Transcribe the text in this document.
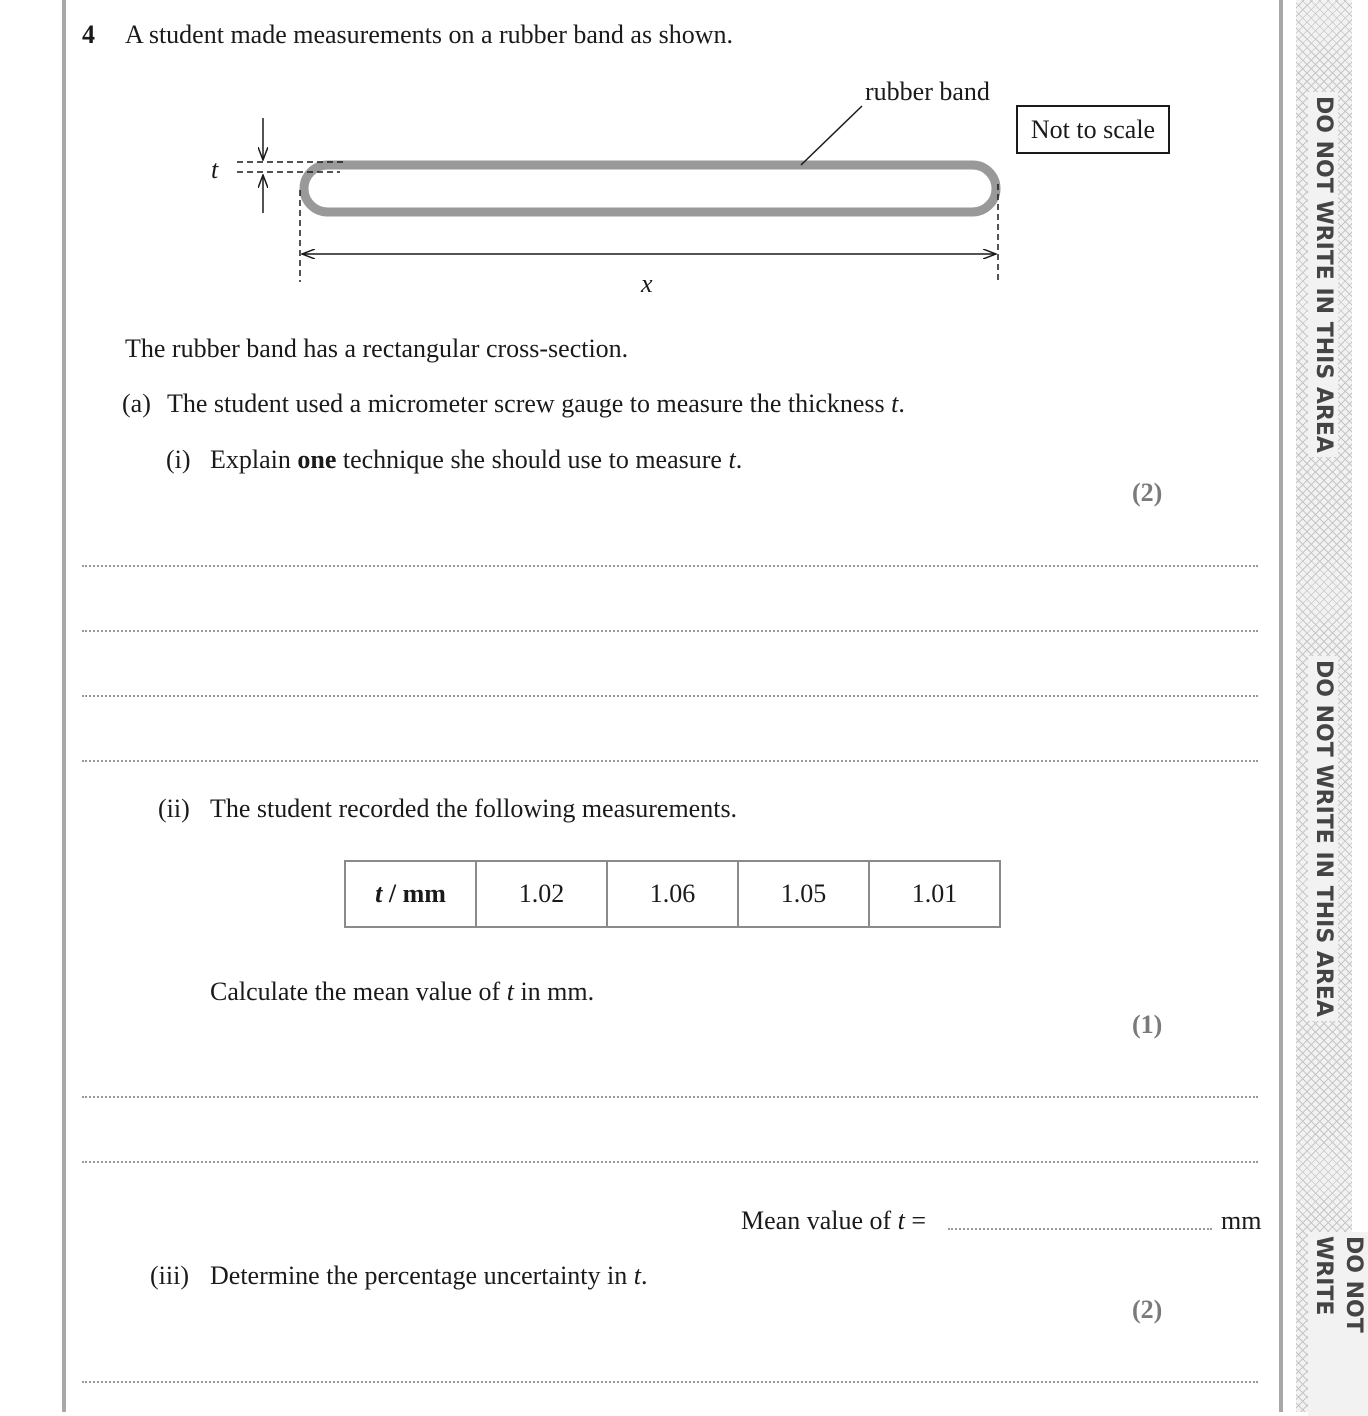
DO NOT WRITE IN THIS AREA
DO NOT WRITE IN THIS AREA
DO NOT WRITE
4 A student made measurements on a rubber band as shown.
rubber band
Not to scale
t
x
The rubber band has a rectangular cross-section.
(a) The student used a micrometer screw gauge to measure the thickness t.
(i) Explain one technique she should use to measure t.
(2)
(ii) The student recorded the following measurements.
t / mm	1.02	1.06	1.05	1.01
Calculate the mean value of t in mm.
(1)
Mean value of t =	mm
(iii) Determine the percentage uncertainty in t.
(2)
